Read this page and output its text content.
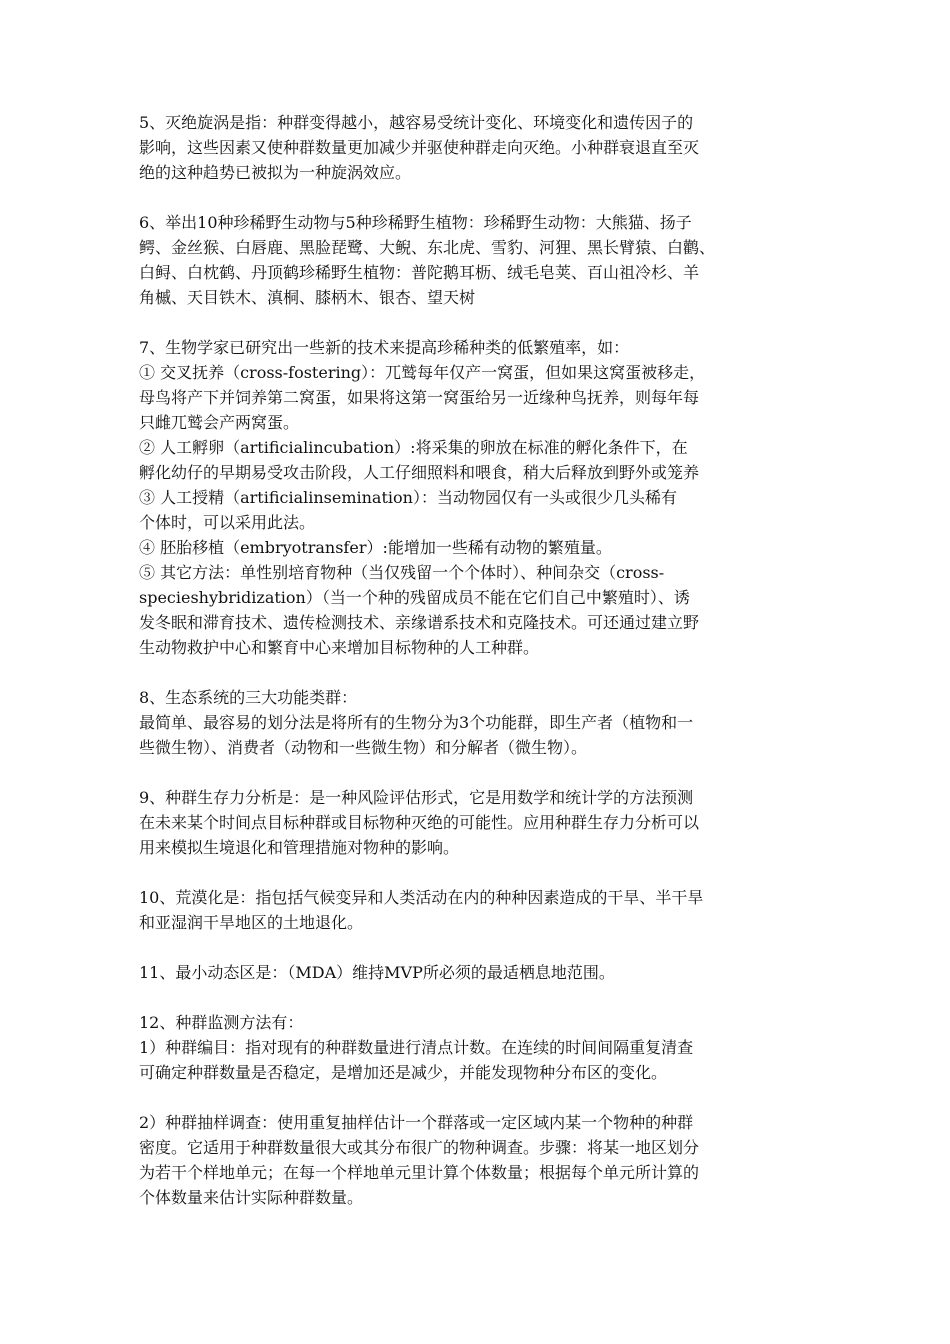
5、灭绝旋涡是指：种群变得越小，越容易受统计变化、环境变化和遗传因子的

影响，这些因素又使种群数量更加减少并驱使种群走向灭绝。小种群衰退直至灭

绝的这种趋势已被拟为一种旋涡效应。

6、举出10种珍稀野生动物与5种珍稀野生植物：珍稀野生动物：大熊猫、扬子

鳄、金丝猴、白唇鹿、黑脸琵鹭、大鲵、东北虎、雪豹、河狸、黑长臂猿、白鹳、

白鲟、白枕鹤、丹顶鹤珍稀野生植物：普陀鹅耳枥、绒毛皂荚、百山祖冷杉、羊

角槭、天目铁木、滇桐、膝柄木、银杏、望天树

7、生物学家已研究出一些新的技术来提高珍稀种类的低繁殖率，如：

① 交叉抚养（cross-fostering）：兀鹫每年仅产一窝蛋，但如果这窝蛋被移走，

母鸟将产下并饲养第二窝蛋，如果将这第一窝蛋给另一近缘种鸟抚养，则每年每

只雌兀鹫会产两窝蛋。

② 人工孵卵（artificialincubation）:将采集的卵放在标准的孵化条件下，在

孵化幼仔的早期易受攻击阶段，人工仔细照料和喂食，稍大后释放到野外或笼养

③ 人工授精（artificialinsemination）：当动物园仅有一头或很少几头稀有

个体时，可以采用此法。

④ 胚胎移植（embryotransfer）:能增加一些稀有动物的繁殖量。

⑤ 其它方法：单性别培育物种（当仅残留一个个体时）、种间杂交（cross-

specieshybridization）（当一个种的残留成员不能在它们自己中繁殖时）、诱

发冬眠和滞育技术、遗传检测技术、亲缘谱系技术和克隆技术。可还通过建立野

生动物救护中心和繁育中心来增加目标物种的人工种群。

8、生态系统的三大功能类群：

最简单、最容易的划分法是将所有的生物分为3个功能群，即生产者（植物和一

些微生物）、消费者（动物和一些微生物）和分解者（微生物）。

9、种群生存力分析是：是一种风险评估形式，它是用数学和统计学的方法预测

在未来某个时间点目标种群或目标物种灭绝的可能性。应用种群生存力分析可以

用来模拟生境退化和管理措施对物种的影响。

10、荒漠化是：指包括气候变异和人类活动在内的种种因素造成的干旱、半干旱

和亚湿润干旱地区的土地退化。

11、最小动态区是：（MDA）维持MVP所必须的最适栖息地范围。

12、种群监测方法有：

1）种群编目：指对现有的种群数量进行清点计数。在连续的时间间隔重复清查

可确定种群数量是否稳定，是增加还是减少，并能发现物种分布区的变化。

2）种群抽样调查：使用重复抽样估计一个群落或一定区域内某一个物种的种群

密度。它适用于种群数量很大或其分布很广的物种调查。步骤：将某一地区划分

为若干个样地单元；在每一个样地单元里计算个体数量；根据每个单元所计算的

个体数量来估计实际种群数量。
